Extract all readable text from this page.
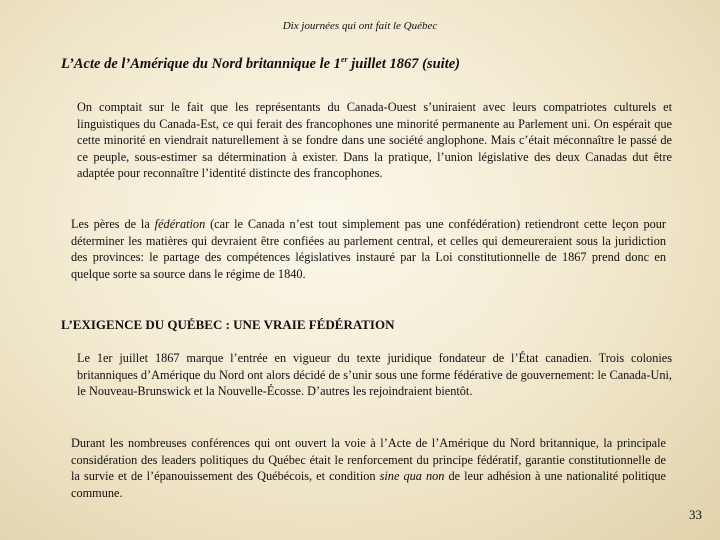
Dix journées qui ont fait le Québec
L’Acte de l’Amérique du Nord britannique le 1er juillet 1867 (suite)
On comptait sur le fait que les représentants du Canada-Ouest s’uniraient avec leurs compatriotes culturels et linguistiques du Canada-Est, ce qui ferait des francophones une minorité permanente au Parlement uni. On espérait que cette minorité en viendrait naturellement à se fondre dans une société anglophone. Mais c’était méconnaître le passé de ce peuple, sous-estimer sa détermination à exister. Dans la pratique, l’union législative des deux Canadas dut être adaptée pour reconnaître l’identité distincte des francophones.
Les pères de la fédération (car le Canada n’est tout simplement pas une confédération) retiendront cette leçon pour déterminer les matières qui devraient être confiées au parlement central, et celles qui demeureraient sous la juridiction des provinces: le partage des compétences législatives instauré par la Loi constitutionnelle de 1867 prend donc en quelque sorte sa source dans le régime de 1840.
L’EXIGENCE DU QUÉBEC : UNE VRAIE FÉDÉRATION
Le 1er juillet 1867 marque l’entrée en vigueur du texte juridique fondateur de l’État canadien. Trois colonies britanniques d’Amérique du Nord ont alors décidé de s’unir sous une forme fédérative de gouvernement: le Canada-Uni, le Nouveau-Brunswick et la Nouvelle-Écosse. D’autres les rejoindraient bientôt.
Durant les nombreuses conférences qui ont ouvert la voie à l’Acte de l’Amérique du Nord britannique, la principale considération des leaders politiques du Québec était le renforcement du principe fédératif, garantie constitutionnelle de la survie et de l’épanouissement des Québécois, et condition sine qua non de leur adhésion à une nationalité politique commune.
33
